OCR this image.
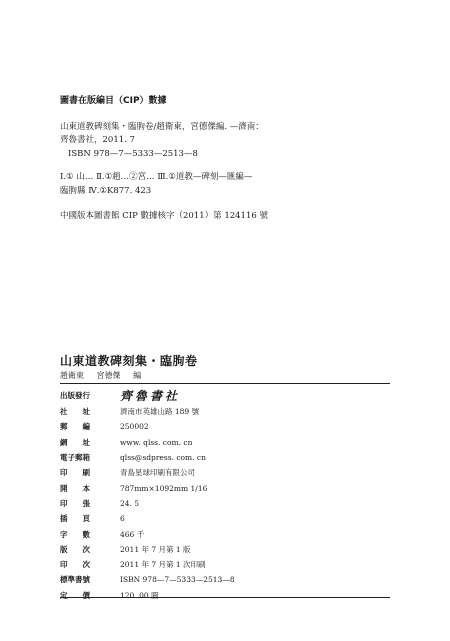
圖書在版編目（CIP）數據
山東道教碑刻集・臨朐卷/趙衛東，宮德傑編. —濟南：
齊魯書社，2011. 7
ISBN 978—7—5333—2513—8
Ⅰ.① 山… Ⅱ.①趙…②宮… Ⅲ.①道教—碑刻—匯編—
臨朐縣 Ⅳ.①K877. 423
中國版本圖書館 CIP 數據核字（2011）第 124116 號
山東道教碑刻集・臨朐卷
趙衛東 宮德傑 編
出版發行	齊魯書社
社　　址	濟南市英雄山路 189 號
郵　　編	250002
網　　址	www. qlss. com. cn
電子郵箱	qlss@sdpress. com. cn
印　　刷	青島星球印刷有限公司
開　　本	787mm×1092mm 1/16
印　　張	24. 5
插　　頁	6
字　　數	466 千
版　　次	2011 年 7 月第 1 版
印　　次	2011 年 7 月第 1 次印刷
標準書號	ISBN 978—7—5333—2513—8
定　　價	120. 00 圓
